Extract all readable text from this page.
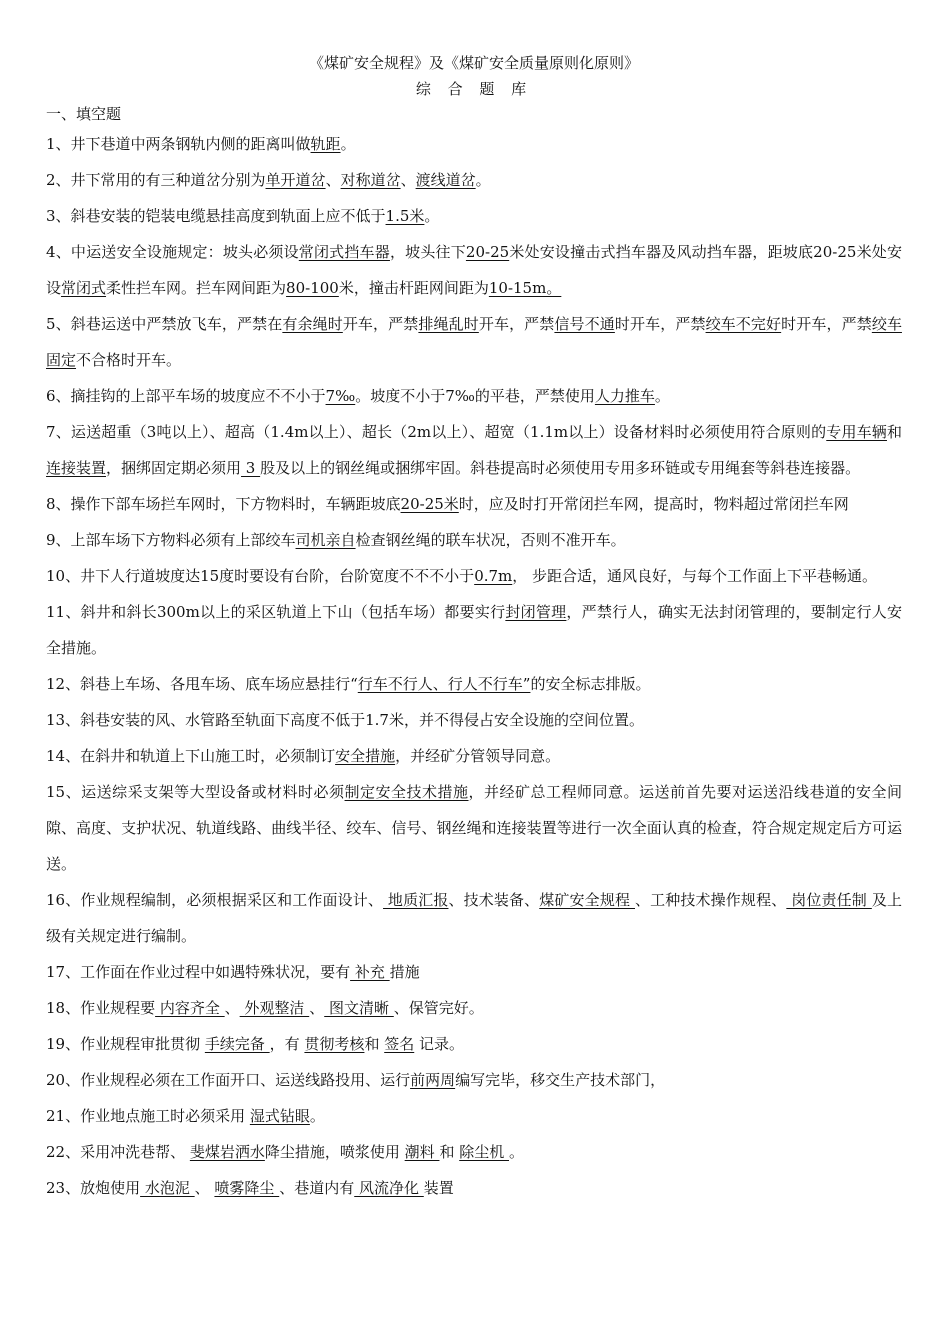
《煤矿安全规程》及《煤矿安全质量原则化原则》
综 合 题 库
一、填空题

1、井下巷道中两条钢轨内侧的距离叫做轨距。

2、井下常用的有三种道岔分别为单开道岔、对称道岔、渡线道岔。

3、斜巷安装的铠装电缆悬挂高度到轨面上应不低于1.5米。

4、中运送安全设施规定：坡头必须设常闭式挡车器，坡头往下20-25米处安设撞击式挡车器及风动挡车器，距坡底20-25米处安设常闭式柔性拦车网。拦车网间距为80-100米，撞击杆距网间距为10-15m。

5、斜巷运送中严禁放飞车，严禁在有余绳时开车，严禁排绳乱时开车，严禁信号不通时开车，严禁绞车不完好时开车，严禁绞车固定不合格时开车。

6、摘挂钩的上部平车场的坡度应不不小于7‰。坡度不小于7‰的平巷，严禁使用人力推车。

7、运送超重（3吨以上）、超高（1.4m以上）、超长（2m以上）、超宽（1.1m以上）设备材料时必须使用符合原则的专用车辆和连接装置，捆绑固定期必须用 3 股及以上的钢丝绳或捆绑牢固。斜巷提高时必须使用专用多环链或专用绳套等斜巷连接器。

8、操作下部车场拦车网时，下方物料时，车辆距坡底20-25米时，应及时打开常闭拦车网，提高时，物料超过常闭拦车网

9、上部车场下方物料必须有上部绞车司机亲自检查钢丝绳的联车状况，否则不准开车。

10、井下人行道坡度达15度时要设有台阶，台阶宽度不不不小于0.7m， 步距合适，通风良好，与每个工作面上下平巷畅通。

11、斜井和斜长300m以上的采区轨道上下山（包括车场）都要实行封闭管理，严禁行人，确实无法封闭管理的，要制定行人安全措施。

12、斜巷上车场、各甩车场、底车场应悬挂行“行车不行人、行人不行车”的安全标志排版。

13、斜巷安装的风、水管路至轨面下高度不低于1.7米，并不得侵占安全设施的空间位置。

14、在斜井和轨道上下山施工时，必须制订安全措施，并经矿分管领导同意。

15、运送综采支架等大型设备或材料时必须制定安全技术措施，并经矿总工程师同意。运送前首先要对运送沿线巷道的安全间隙、高度、支护状况、轨道线路、曲线半径、绞车、信号、钢丝绳和连接装置等进行一次全面认真的检查，符合规定规定后方可运送。

16、作业规程编制，必须根据采区和工作面设计、 地质汇报、技术装备、煤矿安全规程 、工种技术操作规程、 岗位责任制 及上级有关规定进行编制。

17、工作面在作业过程中如遇特殊状况，要有 补充 措施

18、作业规程要 内容齐全 、 外观整洁 、 图文清晰 、保管完好。

19、作业规程审批贯彻 手续完备 ，有 贯彻考核和 签名 记录。

20、作业规程必须在工作面开口、运送线路投用、运行前两周编写完毕，移交生产技术部门，

21、作业地点施工时必须采用 湿式钻眼。

22、采用冲洗巷帮、 斐煤岩洒水降尘措施，喷浆使用 潮料 和 除尘机 。

23、放炮使用 水泡泥 、 喷雾降尘 、巷道内有 风流净化 装置
